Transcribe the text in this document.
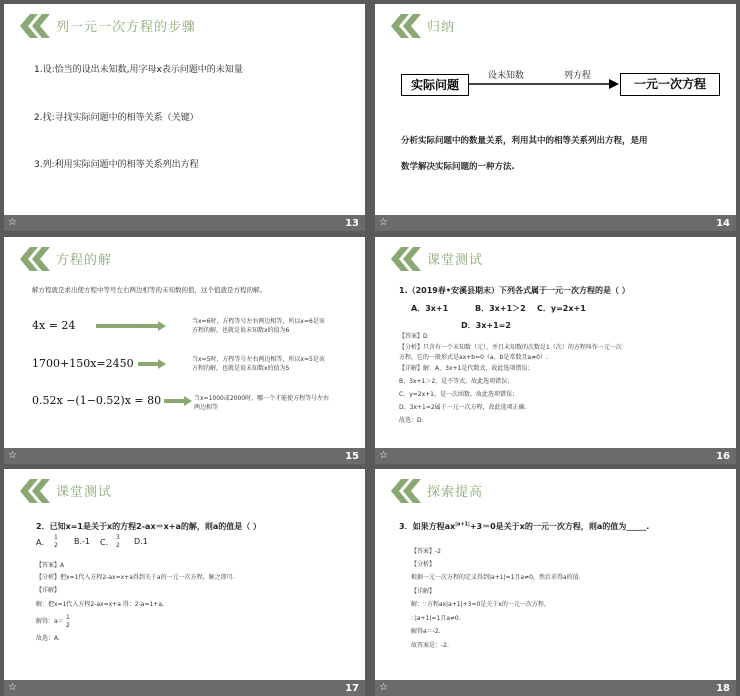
列一元一次方程的步骤
1.设:恰当的设出未知数,用字母x表示问题中的未知量
2.找:寻找实际问题中的相等关系（关键）
3.列:利用实际问题中的相等关系列出方程
☆	13
归纳
实际问题
设未知数	列方程
一元一次方程
分析实际问题中的数量关系，利用其中的相等关系列出方程，是用
数学解决实际问题的一种方法.
☆	14
方程的解
解方程就是求出使方程中等号左右两边相等的未知数的值，这个值就是方程的解。
4x = 24	当x=6时，方程等号左右两边相等，所以x=6是该
方程的解，也就是说未知数x的值为6
1700+150x=2450	当x=5时，方程等号左右两边相等，所以x=5是该
方程的解，也就是说未知数x的值为5
0.52x −(1−0.52)x = 80	当x=1000或2000时，哪一个才能使方程等号左右
两边相等
☆	15
课堂测试
1.（2019春•安溪县期末）下列各式属于一元一次方程的是（ ）
A．3x+1	B．3x+1＞2 C．y=2x+1
D．3x+1=2
【答案】D
【分析】只含有一个未知数（元），并且未知数的次数是1（次）的方程叫作一元一次
方程，它的一般形式是ax+b=0（a，b是常数且a≠0）.
【详解】解：A、3x+1是代数式，故此选项错误；
B、3x+1＞2，是不等式，故此选项错误；
C、y=2x+1，是一次函数，故此选项错误；
D、3x+1=2属于一元一次方程，故此选项正确.
故选：D.
☆	16
课堂测试
2．已知x=1是关于x的方程2-ax＝x+a的解，则a的值是（ ）
A．
1
2 B.-1 C．
3
2 D.1
【答案】A
【分析】把x=1代入方程2-ax=x+a得到关于a的一元一次方程，解之即可.
【详解】
解：把x=1代入方程2-ax=x+a 得：2-a=1+a,
解得：a＝
1
2
故选：A.
☆	17
探索提高
3．如果方程$ax^{|a+1|}+3=0$是关于x的一元一次方程，则a的值为_____.
【答案】-2
【分析】
根据一元一次方程的定义得到|a+1|=1且a≠0，然后求得a的值.
【详解】
解：∵方程ax|a+1|+3=0是关于x的一元一次方程，
∴|a+1|=1且a≠0.
解得a＝-2.
故答案是：-2.
☆	18
